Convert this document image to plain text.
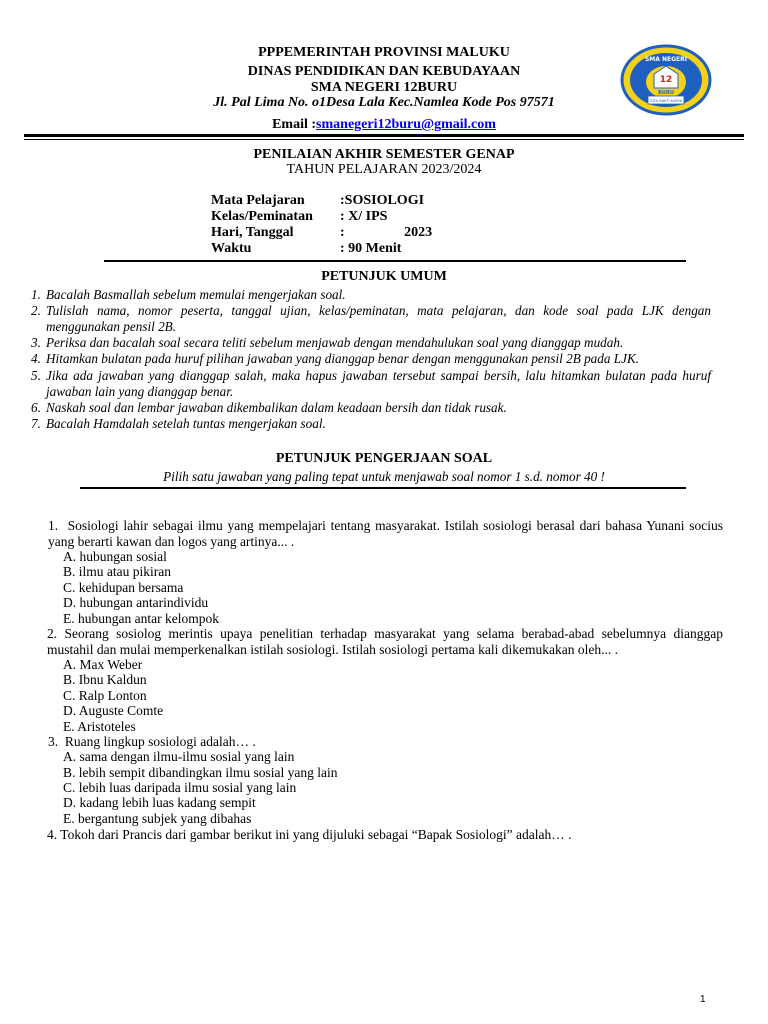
PPPEMERINTAH PROVINSI MALUKU
DINAS PENDIDIKAN DAN KEBUDAYAAN
SMA NEGERI 12BURU
Jl. Pal Lima No. o1Desa Lala Kec.Namlea Kode Pos 97571
Email :smanegeri12buru@gmail.com
SMA NEGERI
12
BURU
GITA BAKTI KARYA
PENILAIAN AKHIR SEMESTER GENAP
TAHUN PELAJARAN 2023/2024
Mata Pelajaran	:SOSIOLOGI
Kelas/Peminatan : X/ IPS
Hari, Tanggal	:                 2023
Waktu	: 90 Menit
PETUNJUK UMUM
1. Bacalah Basmallah sebelum memulai mengerjakan soal.
2. Tulislah nama, nomor peserta, tanggal ujian, kelas/peminatan, mata pelajaran, dan kode soal pada LJK dengan menggunakan pensil 2B.
3. Periksa dan bacalah soal secara teliti sebelum menjawab dengan mendahulukan soal yang dianggap mudah.
4. Hitamkan bulatan pada huruf pilihan jawaban yang dianggap benar dengan menggunakan pensil 2B pada LJK.
5. Jika ada jawaban yang dianggap salah, maka hapus jawaban tersebut sampai bersih, lalu hitamkan bulatan pada huruf jawaban lain yang dianggap benar.
6. Naskah soal dan lembar jawaban dikembalikan dalam keadaan bersih dan tidak rusak.
7. Bacalah Hamdalah setelah tuntas mengerjakan soal.
PETUNJUK PENGERJAAN SOAL
Pilih satu jawaban yang paling tepat untuk menjawab soal nomor 1 s.d. nomor 40 !
1. Sosiologi lahir sebagai ilmu yang mempelajari tentang masyarakat. Istilah sosiologi berasal dari bahasa Yunani socius yang berarti kawan dan logos yang artinya... .
A. hubungan sosial
B. ilmu atau pikiran
C. kehidupan bersama
D. hubungan antarindividu
E. hubungan antar kelompok
2. Seorang sosiolog merintis upaya penelitian terhadap masyarakat yang selama berabad-abad sebelumnya dianggap mustahil dan mulai memperkenalkan istilah sosiologi. Istilah sosiologi pertama kali dikemukakan oleh... .
A. Max Weber
B. Ibnu Kaldun
C. Ralp Lonton
D. Auguste Comte
E. Aristoteles
3. Ruang lingkup sosiologi adalah… .
A. sama dengan ilmu-ilmu sosial yang lain
B. lebih sempit dibandingkan ilmu sosial yang lain
C. lebih luas daripada ilmu sosial yang lain
D. kadang lebih luas kadang sempit
E. bergantung subjek yang dibahas
4. Tokoh dari Prancis dari gambar berikut ini yang dijuluki sebagai “Bapak Sosiologi” adalah… .
1
